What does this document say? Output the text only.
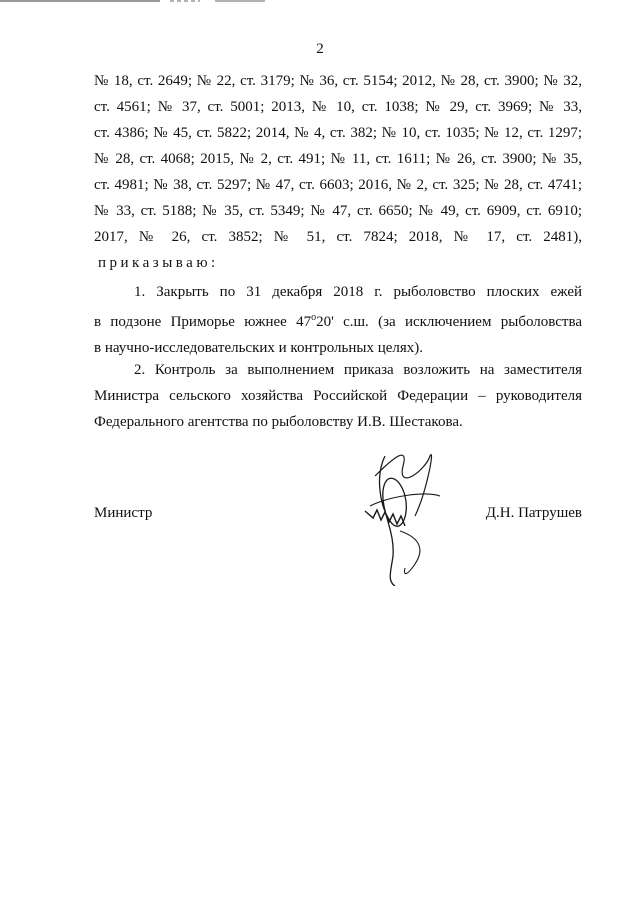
2
№ 18, ст. 2649; № 22, ст. 3179; № 36, ст. 5154; 2012, № 28, ст. 3900; № 32,
ст. 4561; № 37, ст. 5001; 2013, № 10, ст. 1038; № 29, ст. 3969; № 33,
ст. 4386; № 45, ст. 5822; 2014, № 4, ст. 382; № 10, ст. 1035; № 12, ст. 1297;
№ 28, ст. 4068; 2015, № 2, ст. 491; № 11, ст. 1611; № 26, ст. 3900; № 35,
ст. 4981; № 38, ст. 5297; № 47, ст. 6603; 2016, № 2, ст. 325; № 28, ст. 4741;
№ 33, ст. 5188; № 35, ст. 5349; № 47, ст. 6650; № 49, ст. 6909, ст. 6910;
2017, № 26, ст. 3852; № 51, ст. 7824; 2018, № 17, ст. 2481),
приказываю:
1. Закрыть по 31 декабря 2018 г. рыболовство плоских ежей
в подзоне Приморье южнее $47^о20'$ с.ш. (за исключением рыболовства
в научно-исследовательских и контрольных целях).
2. Контроль за выполнением приказа возложить на заместителя
Министра сельского хозяйства Российской Федерации – руководителя
Федерального агентства по рыболовству И.В. Шестакова.
Министр	Д.Н. Патрушев
